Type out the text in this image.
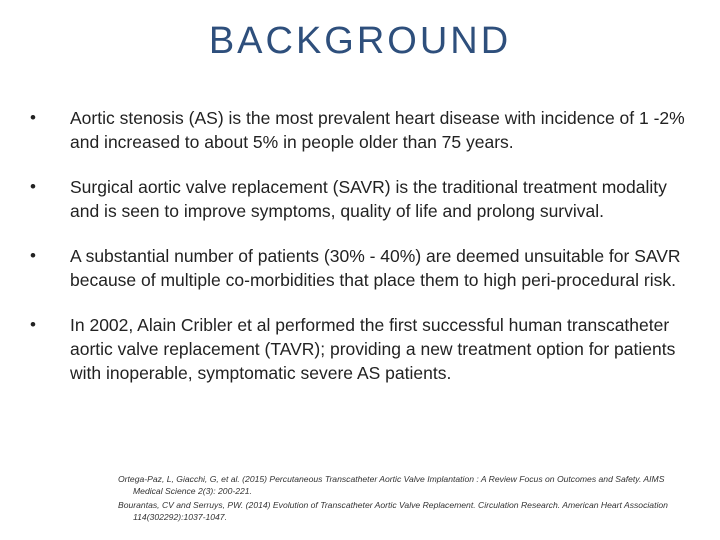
BACKGROUND
•	Aortic stenosis (AS) is the most prevalent heart disease with incidence of 1 -2% and increased to about 5% in people older than 75 years.
•	Surgical aortic valve replacement (SAVR) is the traditional treatment modality and is seen to improve symptoms, quality of life and prolong survival.
•	A substantial number of patients (30% - 40%) are deemed unsuitable for SAVR because of multiple co-morbidities that place them to high peri-procedural risk.
•	In 2002, Alain Cribler et al performed the first successful human transcatheter aortic valve replacement (TAVR); providing a new treatment option for patients with inoperable, symptomatic severe AS patients.
Ortega-Paz, L, Giacchi, G, et al. (2015) Percutaneous Transcatheter Aortic Valve Implantation : A Review Focus on Outcomes and Safety. AIMS Medical Science 2(3): 200-221.
Bourantas, CV and Serruys, PW. (2014) Evolution of Transcatheter Aortic Valve Replacement. Circulation Research. American Heart Association 114(302292):1037-1047.
